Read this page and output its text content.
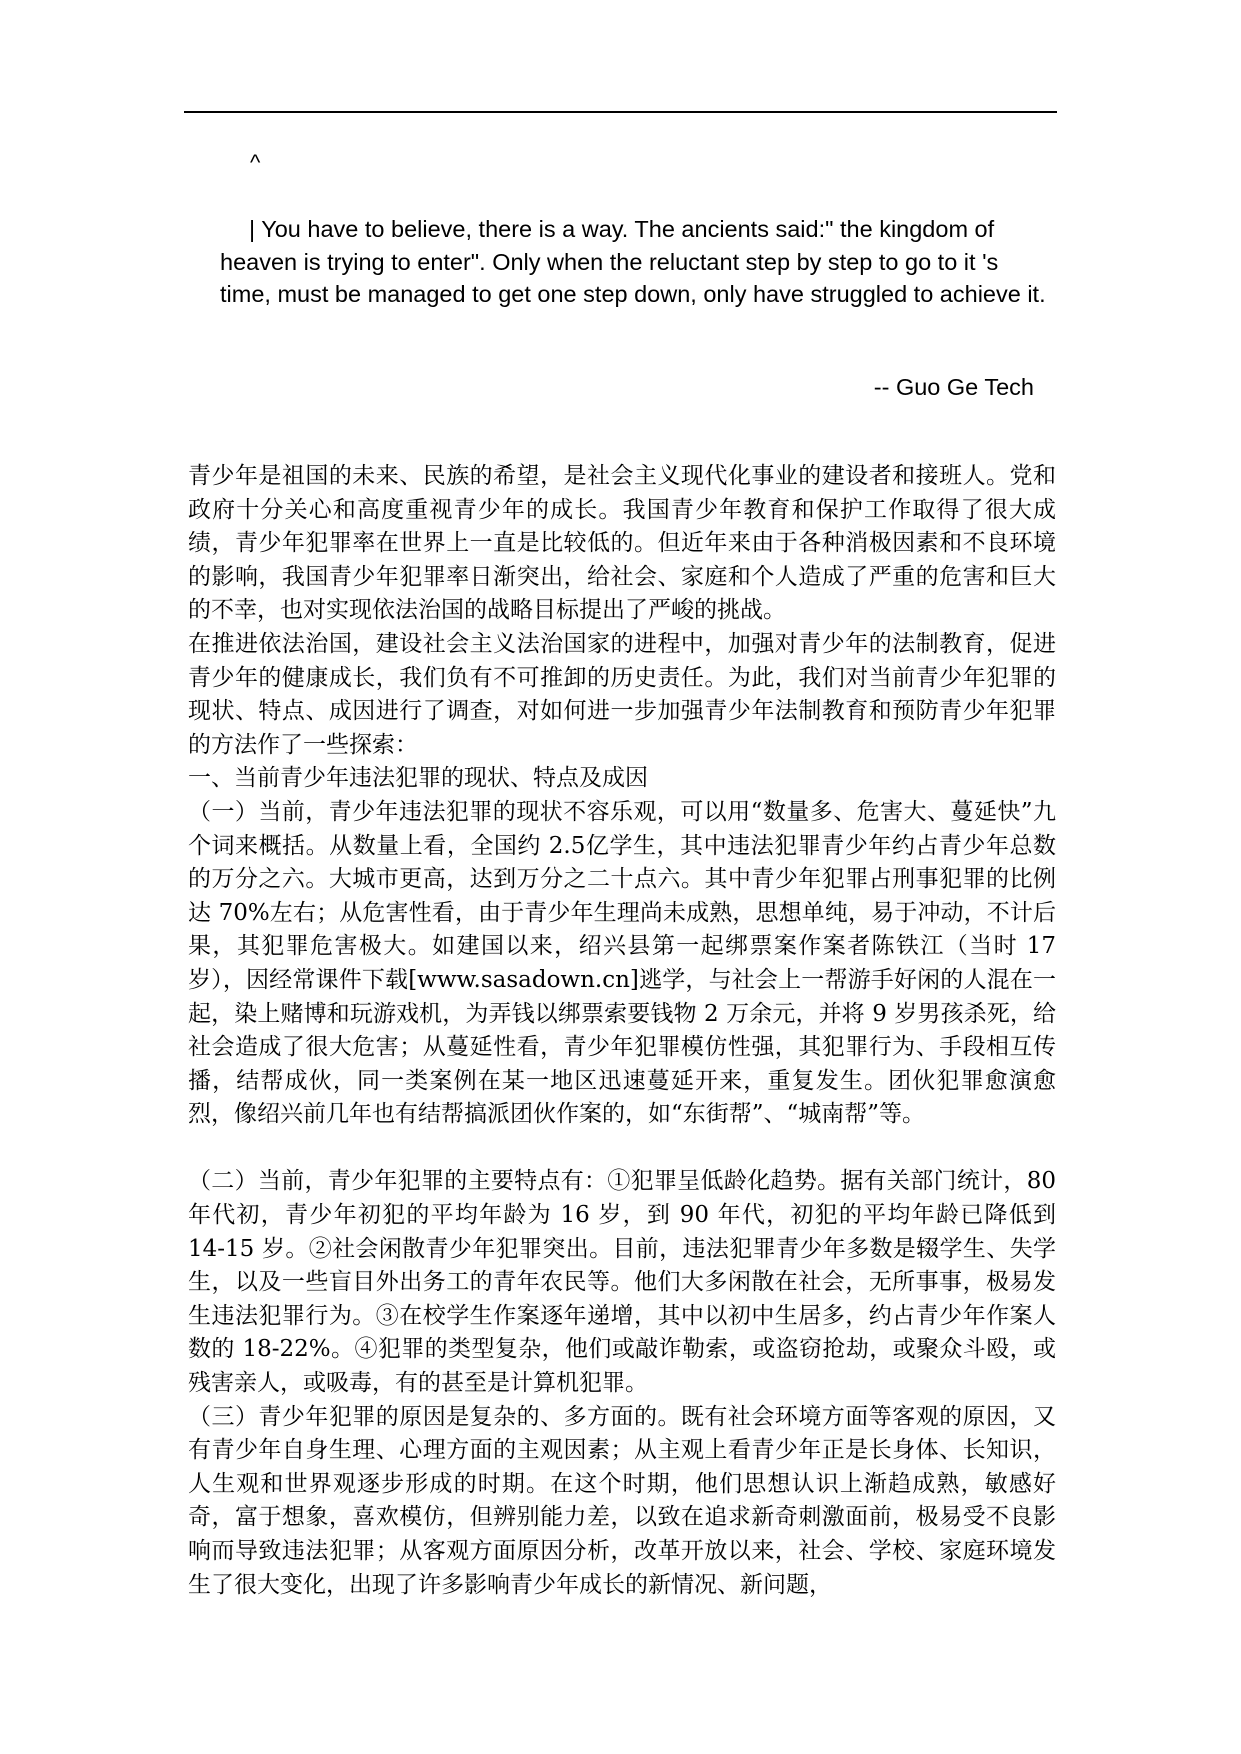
^

| You have to believe, there is a way. The ancients said:" the kingdom of heaven is trying to enter". Only when the reluctant step by step to go to it 's time, must be managed to get one step down, only have struggled to achieve it.

-- Guo Ge Tech

青少年是祖国的未来、民族的希望，是社会主义现代化事业的建设者和接班人。党和政府十分关心和高度重视青少年的成长。我国青少年教育和保护工作取得了很大成绩，青少年犯罪率在世界上一直是比较低的。但近年来由于各种消极因素和不良环境的影响，我国青少年犯罪率日渐突出，给社会、家庭和个人造成了严重的危害和巨大的不幸，也对实现依法治国的战略目标提出了严峻的挑战。

在推进依法治国，建设社会主义法治国家的进程中，加强对青少年的法制教育，促进青少年的健康成长，我们负有不可推卸的历史责任。为此，我们对当前青少年犯罪的现状、特点、成因进行了调查，对如何进一步加强青少年法制教育和预防青少年犯罪的方法作了一些探索：

一、当前青少年违法犯罪的现状、特点及成因

（一）当前，青少年违法犯罪的现状不容乐观，可以用“数量多、危害大、蔓延快”九个词来概括。从数量上看，全国约 2.5亿学生，其中违法犯罪青少年约占青少年总数的万分之六。大城市更高，达到万分之二十点六。其中青少年犯罪占刑事犯罪的比例达 70%左右；从危害性看，由于青少年生理尚未成熟，思想单纯，易于冲动，不计后果，其犯罪危害极大。如建国以来，绍兴县第一起绑票案作案者陈铁江（当时 17 岁），因经常课件下载[www.sasadown.cn]逃学，与社会上一帮游手好闲的人混在一起，染上赌博和玩游戏机，为弄钱以绑票索要钱物 2 万余元，并将 9 岁男孩杀死，给社会造成了很大危害；从蔓延性看，青少年犯罪模仿性强，其犯罪行为、手段相互传播，结帮成伙，同一类案例在某一地区迅速蔓延开来，重复发生。团伙犯罪愈演愈烈，像绍兴前几年也有结帮搞派团伙作案的，如“东街帮”、“城南帮”等。

（二）当前，青少年犯罪的主要特点有：①犯罪呈低龄化趋势。据有关部门统计，80 年代初，青少年初犯的平均年龄为 16 岁，到 90 年代，初犯的平均年龄已降低到 14-15 岁。②社会闲散青少年犯罪突出。目前，违法犯罪青少年多数是辍学生、失学生，以及一些盲目外出务工的青年农民等。他们大多闲散在社会，无所事事，极易发生违法犯罪行为。③在校学生作案逐年递增，其中以初中生居多，约占青少年作案人数的 18-22%。④犯罪的类型复杂，他们或敲诈勒索，或盗窃抢劫，或聚众斗殴，或残害亲人，或吸毒，有的甚至是计算机犯罪。

（三）青少年犯罪的原因是复杂的、多方面的。既有社会环境方面等客观的原因，又有青少年自身生理、心理方面的主观因素；从主观上看青少年正是长身体、长知识，人生观和世界观逐步形成的时期。在这个时期，他们思想认识上渐趋成熟，敏感好奇，富于想象，喜欢模仿，但辨别能力差，以致在追求新奇刺激面前，极易受不良影响而导致违法犯罪；从客观方面原因分析，改革开放以来，社会、学校、家庭环境发生了很大变化，出现了许多影响青少年成长的新情况、新问题，
